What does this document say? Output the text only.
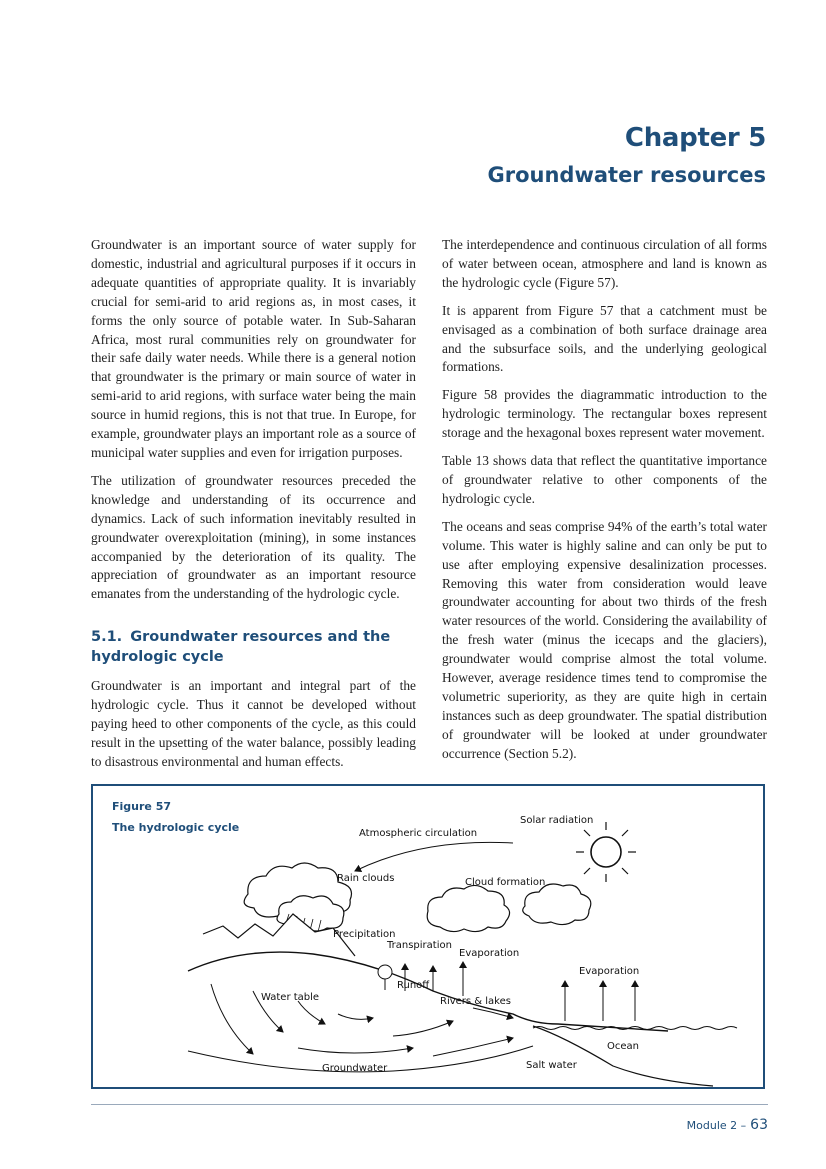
Chapter 5
Groundwater resources

Groundwater is an important source of water supply for domestic, industrial and agricultural purposes if it occurs in adequate quantities of appropriate quality. It is invariably crucial for semi-arid to arid regions as, in most cases, it forms the only source of potable water. In Sub-Saharan Africa, most rural communities rely on groundwater for their safe daily water needs. While there is a general notion that groundwater is the primary or main source of water in semi-arid to arid regions, with surface water being the main source in humid regions, this is not that true. In Europe, for example, groundwater plays an important role as a source of municipal water supplies and even for irrigation purposes.

The utilization of groundwater resources preceded the knowledge and understanding of its occurrence and dynamics. Lack of such information inevitably resulted in groundwater overexploitation (mining), in some instances accompanied by the deterioration of its quality. The appreciation of groundwater as an important resource emanates from the understanding of the hydrologic cycle.

5.1. Groundwater resources and the hydrologic cycle

Groundwater is an important and integral part of the hydrologic cycle. Thus it cannot be developed without paying heed to other components of the cycle, as this could result in the upsetting of the water balance, possibly leading to disastrous environmental and human effects.

The interdependence and continuous circulation of all forms of water between ocean, atmosphere and land is known as the hydrologic cycle (Figure 57).

It is apparent from Figure 57 that a catchment must be envisaged as a combination of both surface drainage area and the subsurface soils, and the underlying geological formations.

Figure 58 provides the diagrammatic introduction to the hydrologic terminology. The rectangular boxes represent storage and the hexagonal boxes represent water movement.

Table 13 shows data that reflect the quantitative importance of groundwater relative to other components of the hydrologic cycle.

The oceans and seas comprise 94% of the earth’s total water volume. This water is highly saline and can only be put to use after employing expensive desalinization processes. Removing this water from consideration would leave groundwater accounting for about two thirds of the fresh water resources of the world. Considering the availability of the fresh water (minus the icecaps and the glaciers), groundwater would comprise almost the total volume. However, average residence times tend to compromise the volumetric superiority, as they are quite high in certain instances such as deep groundwater. The spatial distribution of groundwater will be looked at under groundwater occurrence (Section 5.2).

Solar radiation
Atmospheric circulation
Rain clouds	Cloud formation
Precipitation
Transpiration
Evaporation
Evaporation
Runoff
Rivers & lakes
Water table
Groundwater
Ocean
Salt water
Figure 57
The hydrologic cycle
Module 2 – 63
